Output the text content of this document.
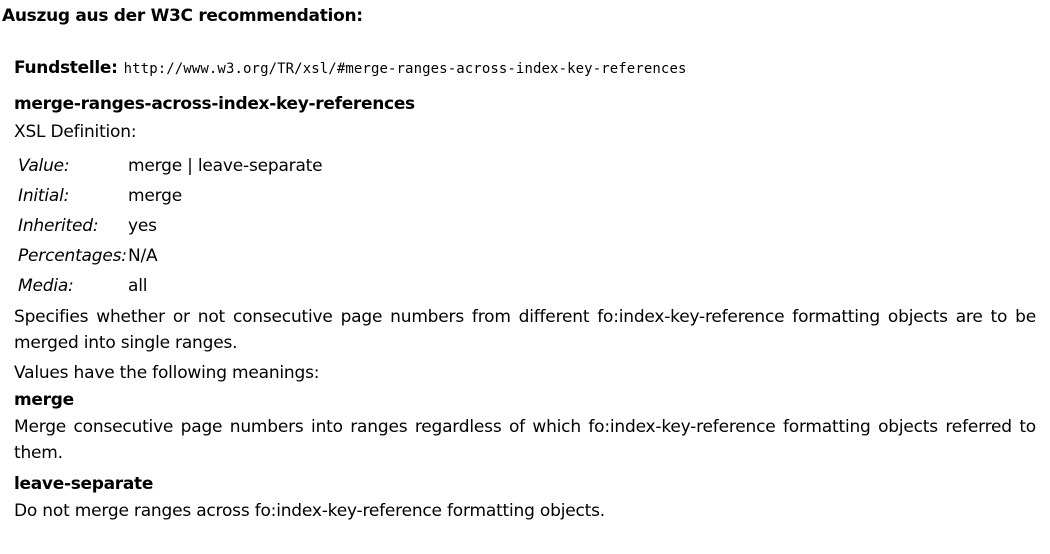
Auszug aus der W3C recommendation:
Fundstelle: http://www.w3.org/TR/xsl/#merge-ranges-across-index-key-references
merge-ranges-across-index-key-references
XSL Definition:
Value:	merge | leave-separate
Initial:	merge
Inherited:	yes
Percentages:	N/A
Media:	all
Specifies whether or not consecutive page numbers from different fo:index-key-reference formatting objects are to be merged into single ranges.
Values have the following meanings:
merge
Merge consecutive page numbers into ranges regardless of which fo:index-key-reference formatting objects referred to them.
leave-separate
Do not merge ranges across fo:index-key-reference formatting objects.
